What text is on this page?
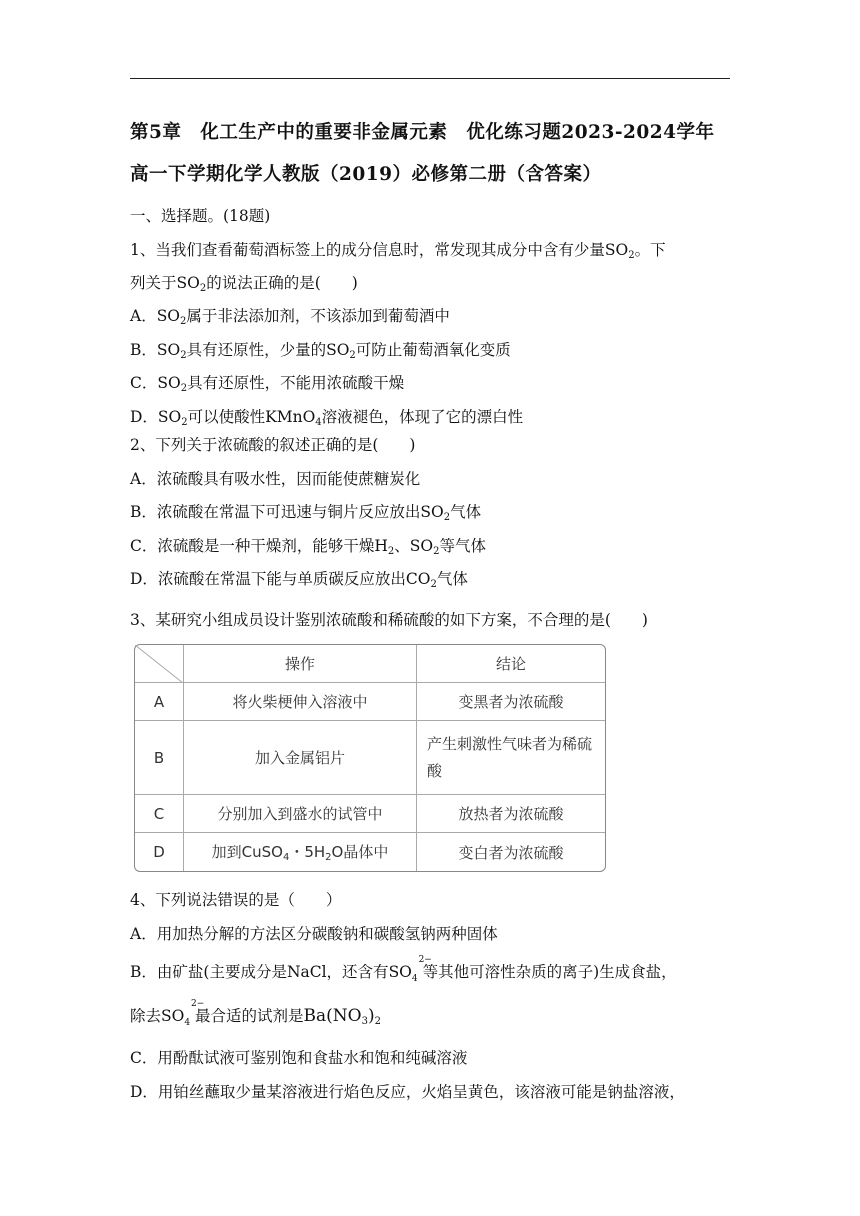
第5章　化工生产中的重要非金属元素　优化练习题2023-2024学年
高一下学期化学人教版（2019）必修第二册（含答案）
一、选择题。(18题)
1、当我们查看葡萄酒标签上的成分信息时，常发现其成分中含有少量$SO_2$。下
列关于$SO_2$的说法正确的是(　　)
A．$SO_2$属于非法添加剂，不该添加到葡萄酒中
B．$SO_2$具有还原性，少量的$SO_2$可防止葡萄酒氧化变质
C．$SO_2$具有还原性，不能用浓硫酸干燥
D．$SO_2$可以使酸性KMnO$_4$溶液褪色，体现了它的漂白性
2、下列关于浓硫酸的叙述正确的是(　　)
A．浓硫酸具有吸水性，因而能使蔗糖炭化
B．浓硫酸在常温下可迅速与铜片反应放出$SO_2$气体
C．浓硫酸是一种干燥剂，能够干燥$H_2$、$SO_2$等气体
D．浓硫酸在常温下能与单质碳反应放出$CO_2$气体
3、某研究小组成员设计鉴别浓硫酸和稀硫酸的如下方案，不合理的是(　　)
	操作	结论
A	将火柴梗伸入溶液中	变黑者为浓硫酸
B	加入金属铝片	产生刺激性气味者为稀硫酸
C	分别加入到盛水的试管中	放热者为浓硫酸
D	加到CuSO$_4$・$5H_2O$晶体中	变白者为浓硫酸
4、下列说法错误的是（　　）
A．用加热分解的方法区分碳酸钠和碳酸氢钠两种固体
B．由矿盐(主要成分是NaCl，还含有$SO_4$
2−
等其他可溶性杂质的离子)生成食盐，
除去$SO_4$
2−
最合适的试剂是$Ba(NO_3)_2$
C．用酚酞试液可鉴别饱和食盐水和饱和纯碱溶液
D．用铂丝蘸取少量某溶液进行焰色反应，火焰呈黄色，该溶液可能是钠盐溶液，
